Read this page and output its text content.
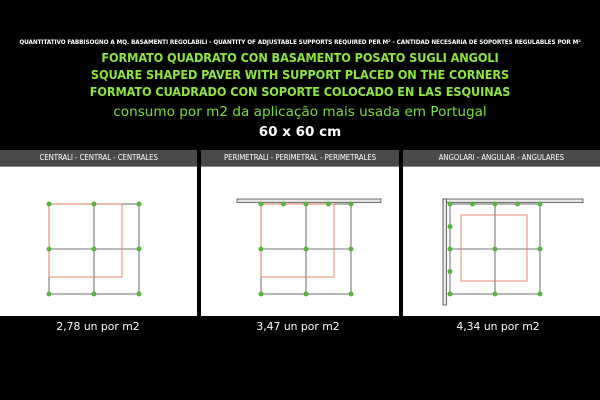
QUANTITATIVO FABBISOGNO A MQ. BASAMENTI REGOLABILI - QUANTITY OF ADJUSTABLE SUPPORTS REQUIRED PER M² - CANTIDAD NECESARIA DE SOPORTES REGULABLES POR M²
FORMATO QUADRATO CON BASAMENTO POSATO SUGLI ANGOLI
SQUARE SHAPED PAVER WITH SUPPORT PLACED ON THE CORNERS
FORMATO CUADRADO CON SOPORTE COLOCADO EN LAS ESQUINAS
consumo por m2 da aplicação mais usada em Portugal
60 x 60 cm
CENTRALI - CENTRAL - CENTRALES	PERIMETRALI - PERIMETRAL - PERIMETRALES	ANGOLARI - ANGULAR - ANGULARES
2,78 un por m2	3,47 un por m2	4,34 un por m2
